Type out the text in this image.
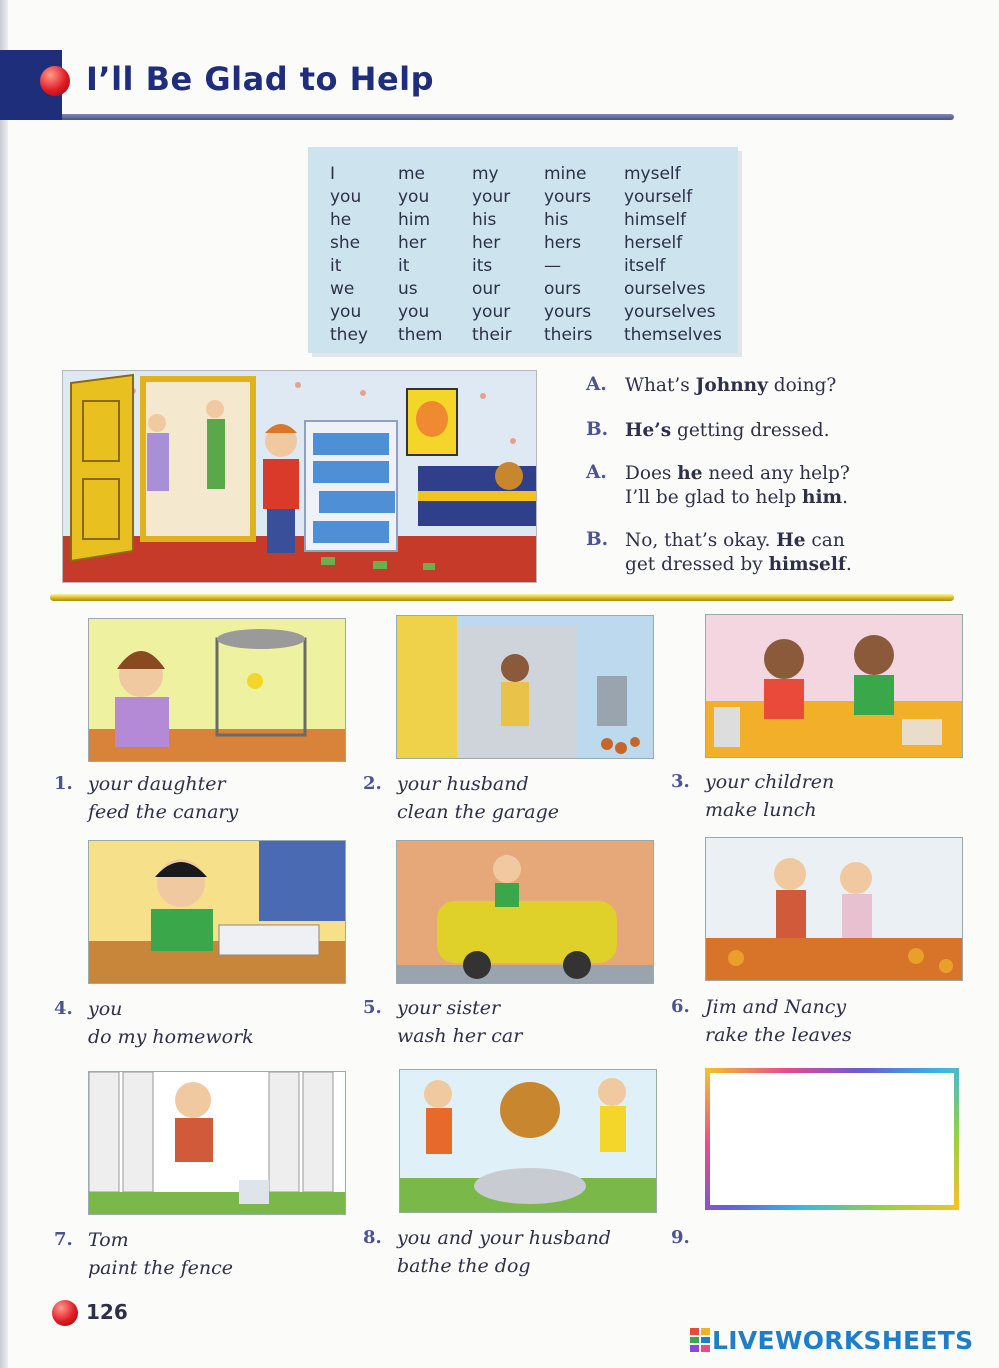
I’ll Be Glad to Help
I
you
he
she
it
we
you
they
me
you
him
her
it
us
you
them
my
your
his
her
its
our
your
their
mine
yours
his
hers
—
ours
yours
theirs
myself
yourself
himself
herself
itself
ourselves
yourselves
themselves
A. What’s Johnny doing?
B. He’s getting dressed.
A. Does he need any help?
I’ll be glad to help him.
B. No, that’s okay. He can
get dressed by himself.
1. your daughter
feed the canary
2. your husband
clean the garage
3. your children
make lunch
4. you
do my homework
5. your sister
wash her car
6. Jim and Nancy
rake the leaves
7. Tom
paint the fence
8. you and your husband
bathe the dog
9.
126
LIVEWORKSHEETS
